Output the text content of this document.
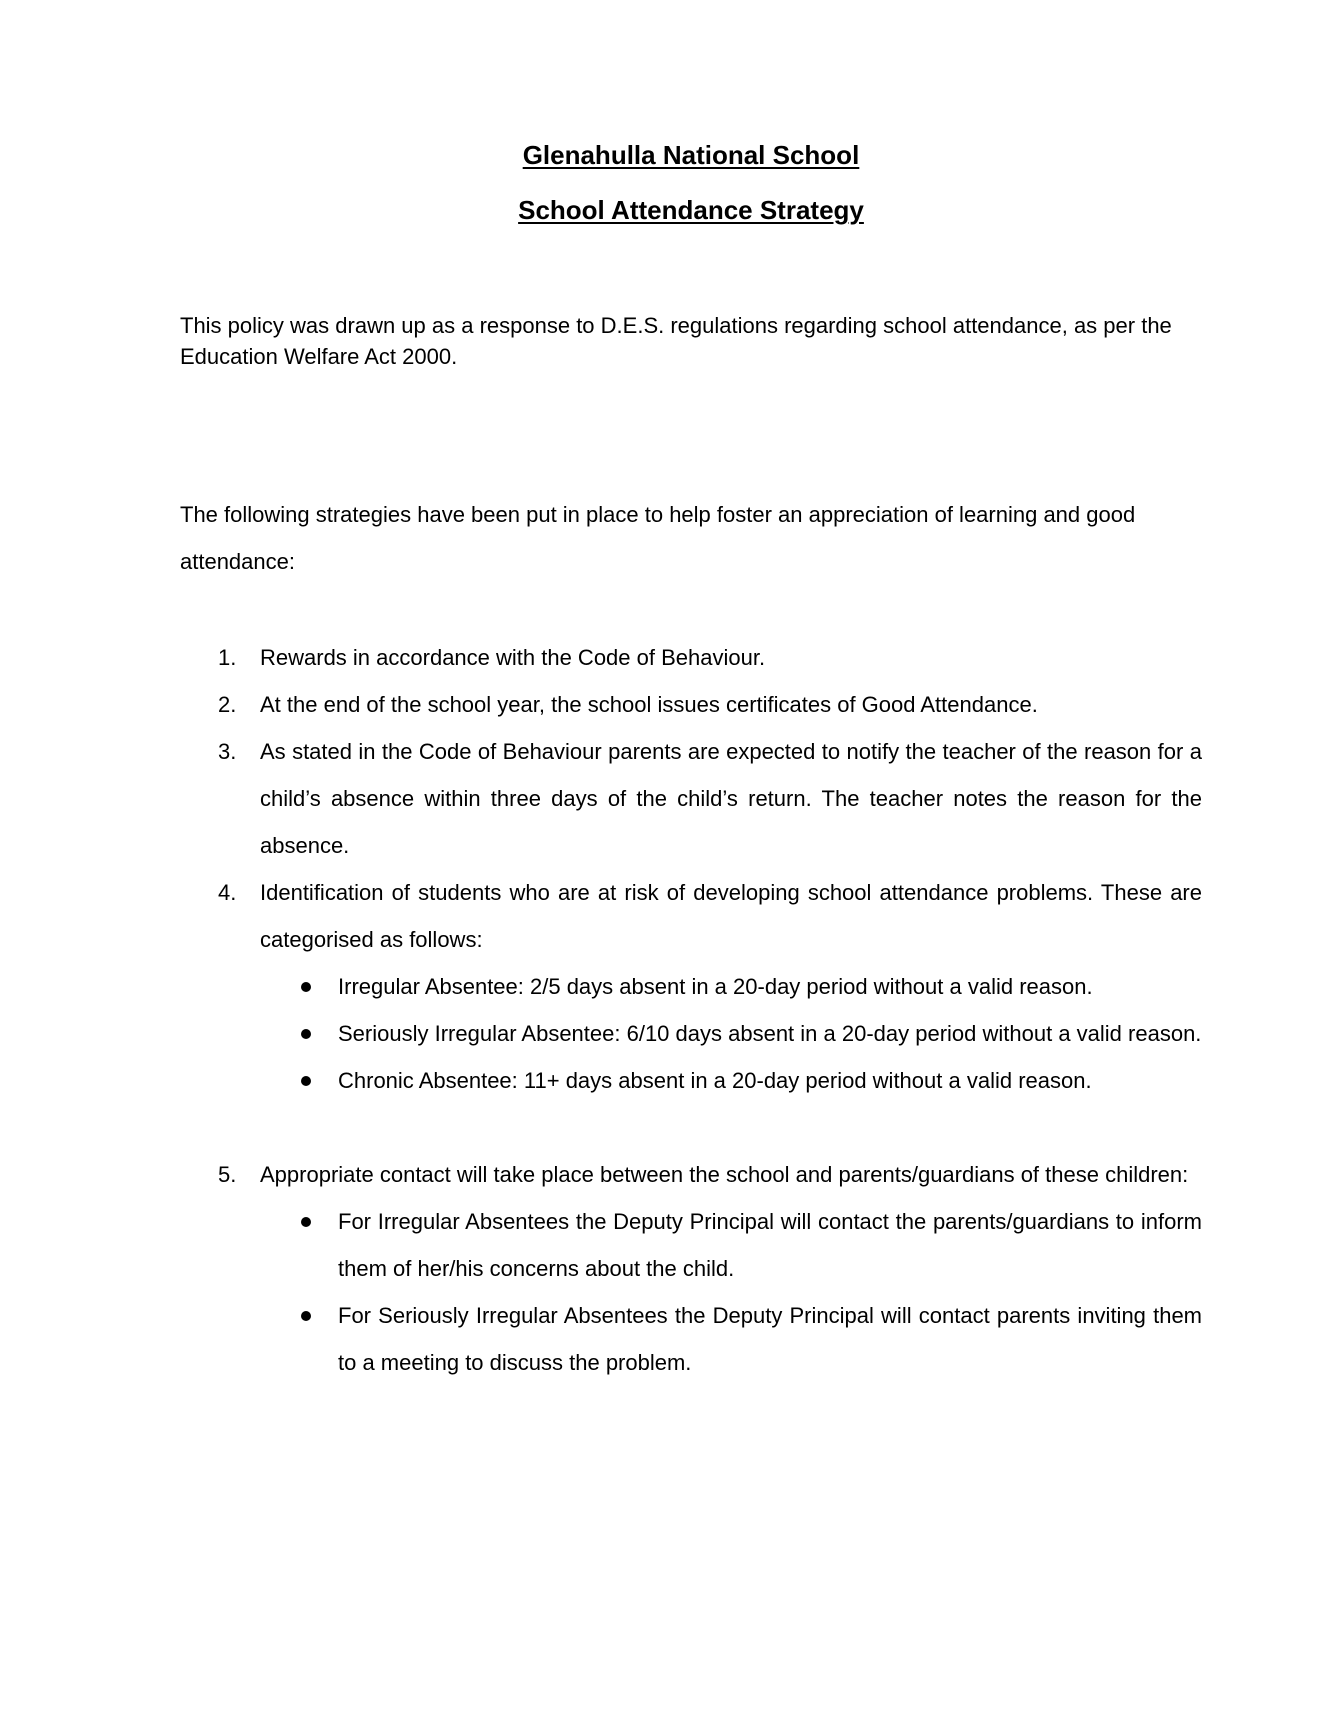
Glenahulla National School
School Attendance Strategy

This policy was drawn up as a response to D.E.S. regulations regarding school attendance, as per the Education Welfare Act 2000.

The following strategies have been put in place to help foster an appreciation of learning and good attendance:

1. Rewards in accordance with the Code of Behaviour.
2. At the end of the school year, the school issues certificates of Good Attendance.
3. As stated in the Code of Behaviour parents are expected to notify the teacher of the reason for a child’s absence within three days of the child’s return. The teacher notes the reason for the absence.
4. Identification of students who are at risk of developing school attendance problems. These are categorised as follows:
Irregular Absentee: 2/5 days absent in a 20-day period without a valid reason.
Seriously Irregular Absentee: 6/10 days absent in a 20-day period without a valid reason.
Chronic Absentee: 11+ days absent in a 20-day period without a valid reason.
5. Appropriate contact will take place between the school and parents/guardians of these children:
For Irregular Absentees the Deputy Principal will contact the parents/guardians to inform them of her/his concerns about the child.
For Seriously Irregular Absentees the Deputy Principal will contact parents inviting them to a meeting to discuss the problem.
